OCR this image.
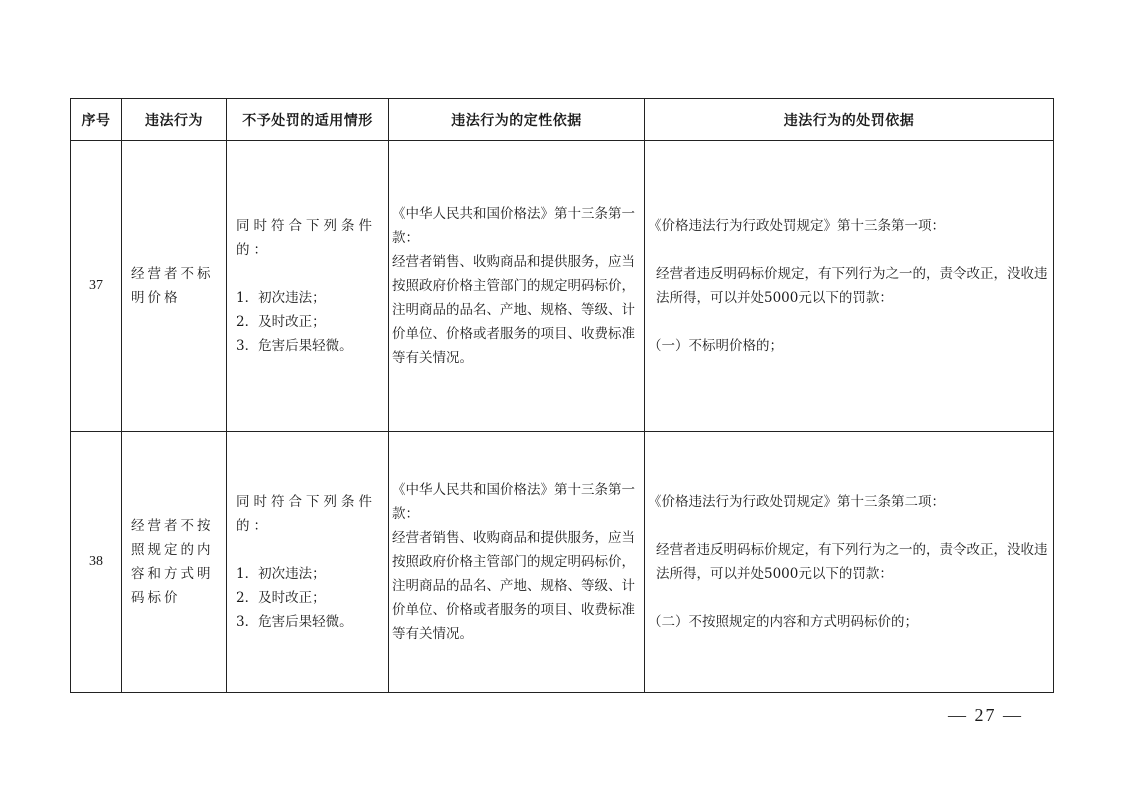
序号	违法行为	不予处罚的适用情形	违法行为的定性依据	违法行为的处罚依据
37	经营者不标明价格	同时符合下列条件的：

1．初次违法；
2．及时改正；
3．危害后果轻微。	《中华人民共和国价格法》第十三条第一款：
经营者销售、收购商品和提供服务，应当按照政府价格主管部门的规定明码标价，注明商品的品名、产地、规格、等级、计价单位、价格或者服务的项目、收费标准等有关情况。	《价格违法行为行政处罚规定》第十三条第一项：

经营者违反明码标价规定，有下列行为之一的，责令改正，没收违法所得，可以并处5000元以下的罚款：

（一）不标明价格的；

38	经营者不按照规定的内容和方式明码标价	同时符合下列条件的：

1．初次违法；
2．及时改正；
3．危害后果轻微。	《中华人民共和国价格法》第十三条第一款：
经营者销售、收购商品和提供服务，应当按照政府价格主管部门的规定明码标价，注明商品的品名、产地、规格、等级、计价单位、价格或者服务的项目、收费标准等有关情况。	《价格违法行为行政处罚规定》第十三条第二项：

经营者违反明码标价规定，有下列行为之一的，责令改正，没收违法所得，可以并处5000元以下的罚款：

（二）不按照规定的内容和方式明码标价的；

— 27 —
